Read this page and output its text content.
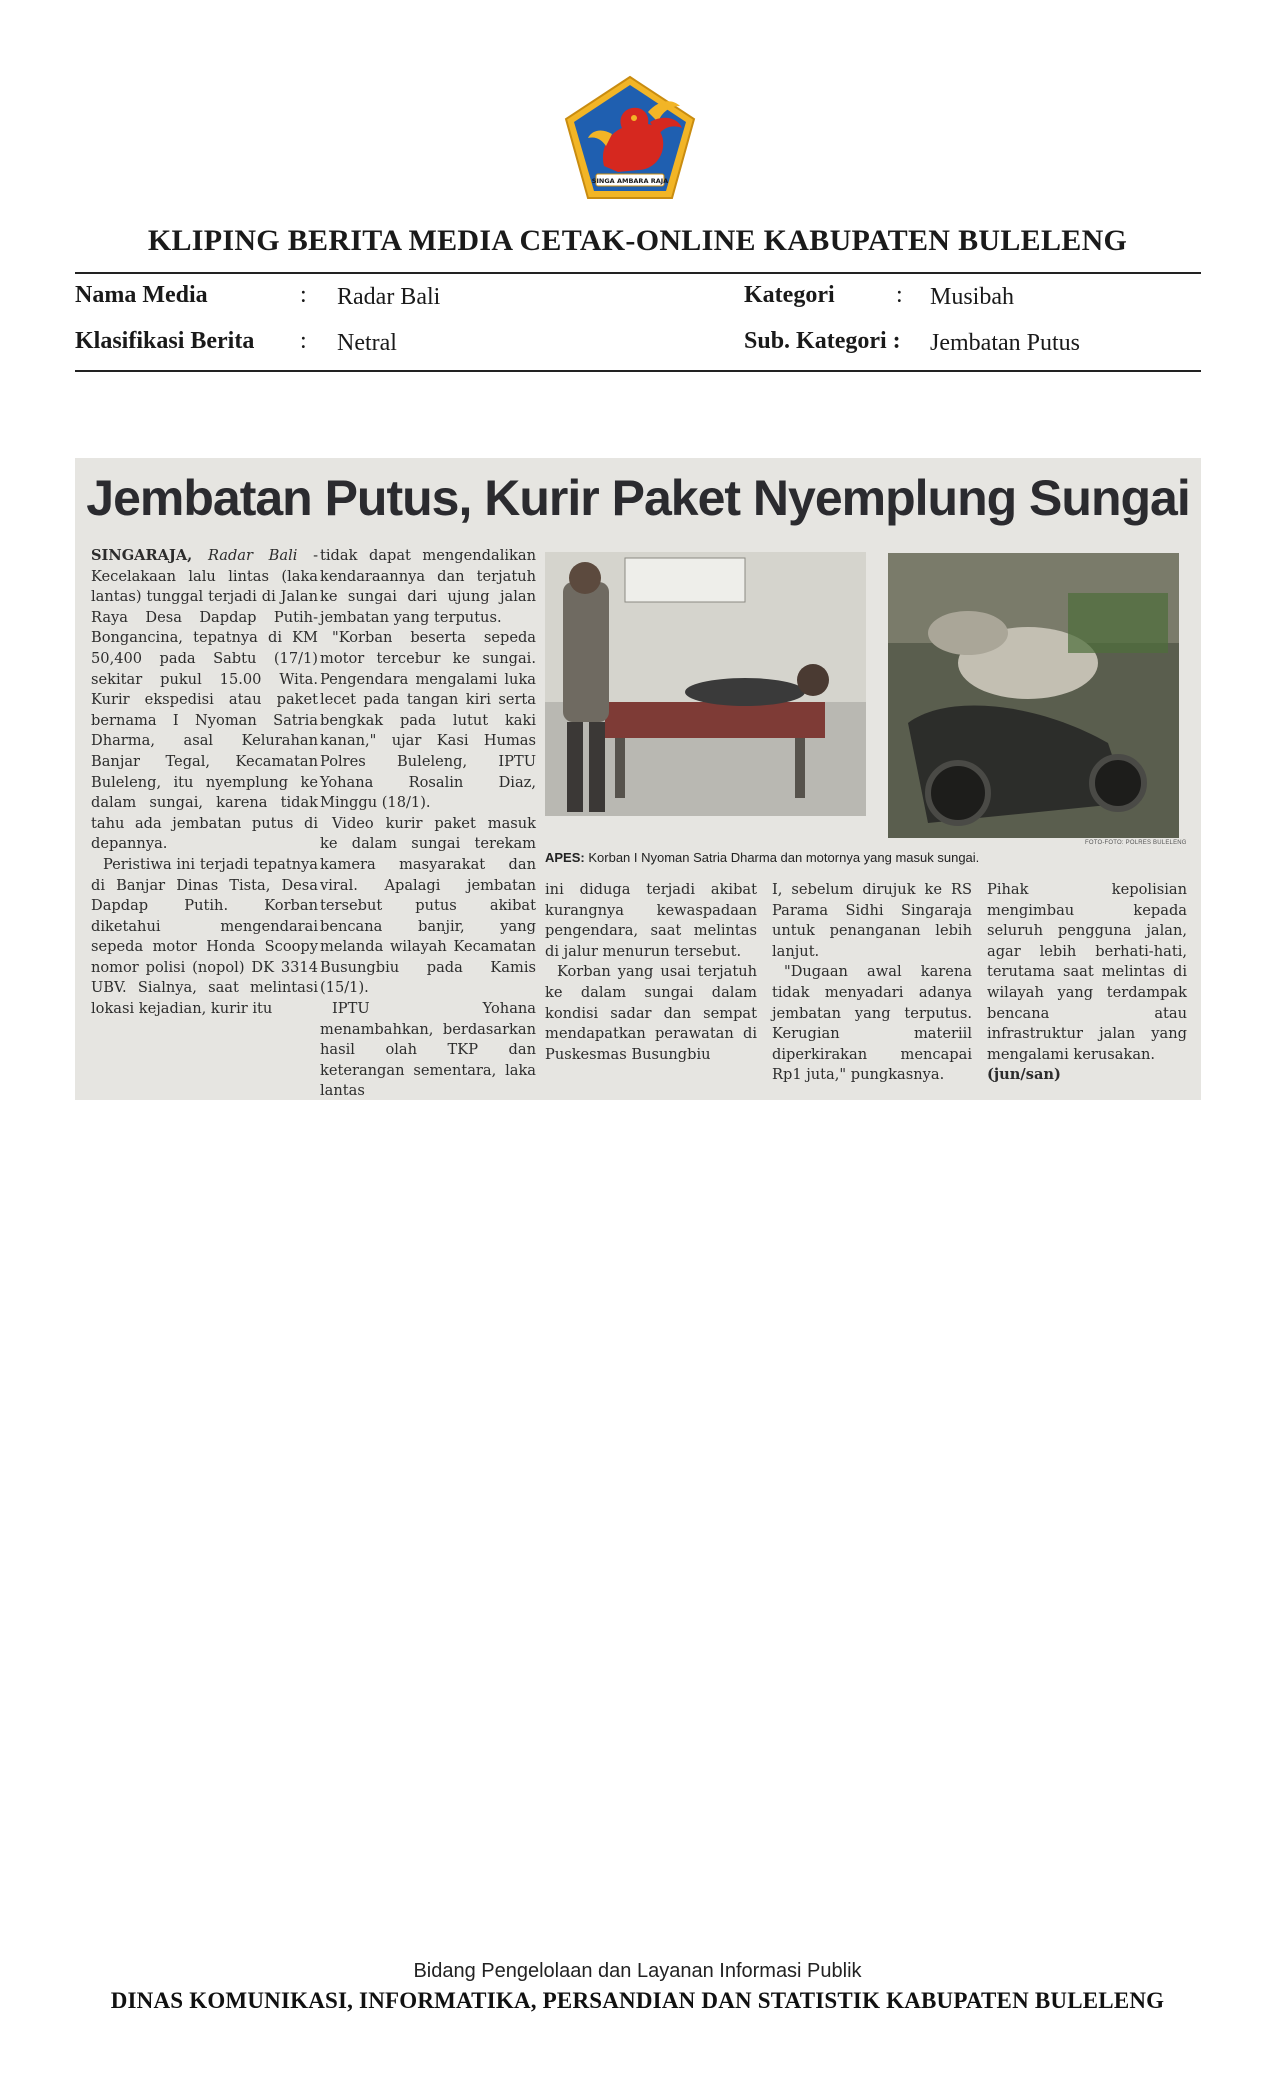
SINGA AMBARA RAJA
KLIPING BERITA MEDIA CETAK-ONLINE KABUPATEN BULELENG
Nama Media	: Radar Bali	Kategori	: Musibah
Klasifikasi Berita : Netral	Sub. Kategori : Jembatan Putus
Jembatan Putus, Kurir Paket Nyemplung Sungai

SINGARAJA, Radar Bali - Kecelakaan lalu lintas (laka lantas) tunggal terjadi di Jalan Raya Desa Dapdap Putih-Bongancina, tepatnya di KM 50,400 pada Sabtu (17/1) sekitar pukul 15.00 Wita. Kurir ekspedisi atau paket bernama I Nyoman Satria Dharma, asal Kelurahan Banjar Tegal, Kecamatan Buleleng, itu nyemplung ke dalam sungai, karena tidak tahu ada jembatan putus di depannya.

Peristiwa ini terjadi tepatnya di Banjar Dinas Tista, Desa Dapdap Putih. Korban diketahui mengendarai sepeda motor Honda Scoopy nomor polisi (nopol) DK 3314 UBV. Sialnya, saat melintasi lokasi kejadian, kurir itu

tidak dapat mengendalikan kendaraannya dan terjatuh ke sungai dari ujung jalan jembatan yang terputus.

"Korban beserta sepeda motor tercebur ke sungai. Pengendara mengalami luka lecet pada tangan kiri serta bengkak pada lutut kaki kanan," ujar Kasi Humas Polres Buleleng, IPTU Yohana Rosalin Diaz, Minggu (18/1).

Video kurir paket masuk ke dalam sungai terekam kamera masyarakat dan viral. Apalagi jembatan tersebut putus akibat bencana banjir, yang melanda wilayah Kecamatan Busungbiu pada Kamis (15/1).

IPTU Yohana menambahkan, berdasarkan hasil olah TKP dan keterangan sementara, laka lantas

FOTO-FOTO: POLRES BULELENG
APES: Korban I Nyoman Satria Dharma dan motornya yang masuk sungai.

ini diduga terjadi akibat kurangnya kewaspadaan pengendara, saat melintas di jalur menurun tersebut.

Korban yang usai terjatuh ke dalam sungai dalam kondisi sadar dan sempat mendapatkan perawatan di Puskesmas Busungbiu

I, sebelum dirujuk ke RS Parama Sidhi Singaraja untuk penanganan lebih lanjut.

"Dugaan awal karena tidak menyadari adanya jembatan yang terputus. Kerugian materiil diperkirakan mencapai Rp1 juta," pungkasnya.

Pihak kepolisian mengimbau kepada seluruh pengguna jalan, agar lebih berhati-hati, terutama saat melintas di wilayah yang terdampak bencana atau infrastruktur jalan yang mengalami kerusakan.

(jun/san)

Bidang Pengelolaan dan Layanan Informasi Publik
DINAS KOMUNIKASI, INFORMATIKA, PERSANDIAN DAN STATISTIK KABUPATEN BULELENG
